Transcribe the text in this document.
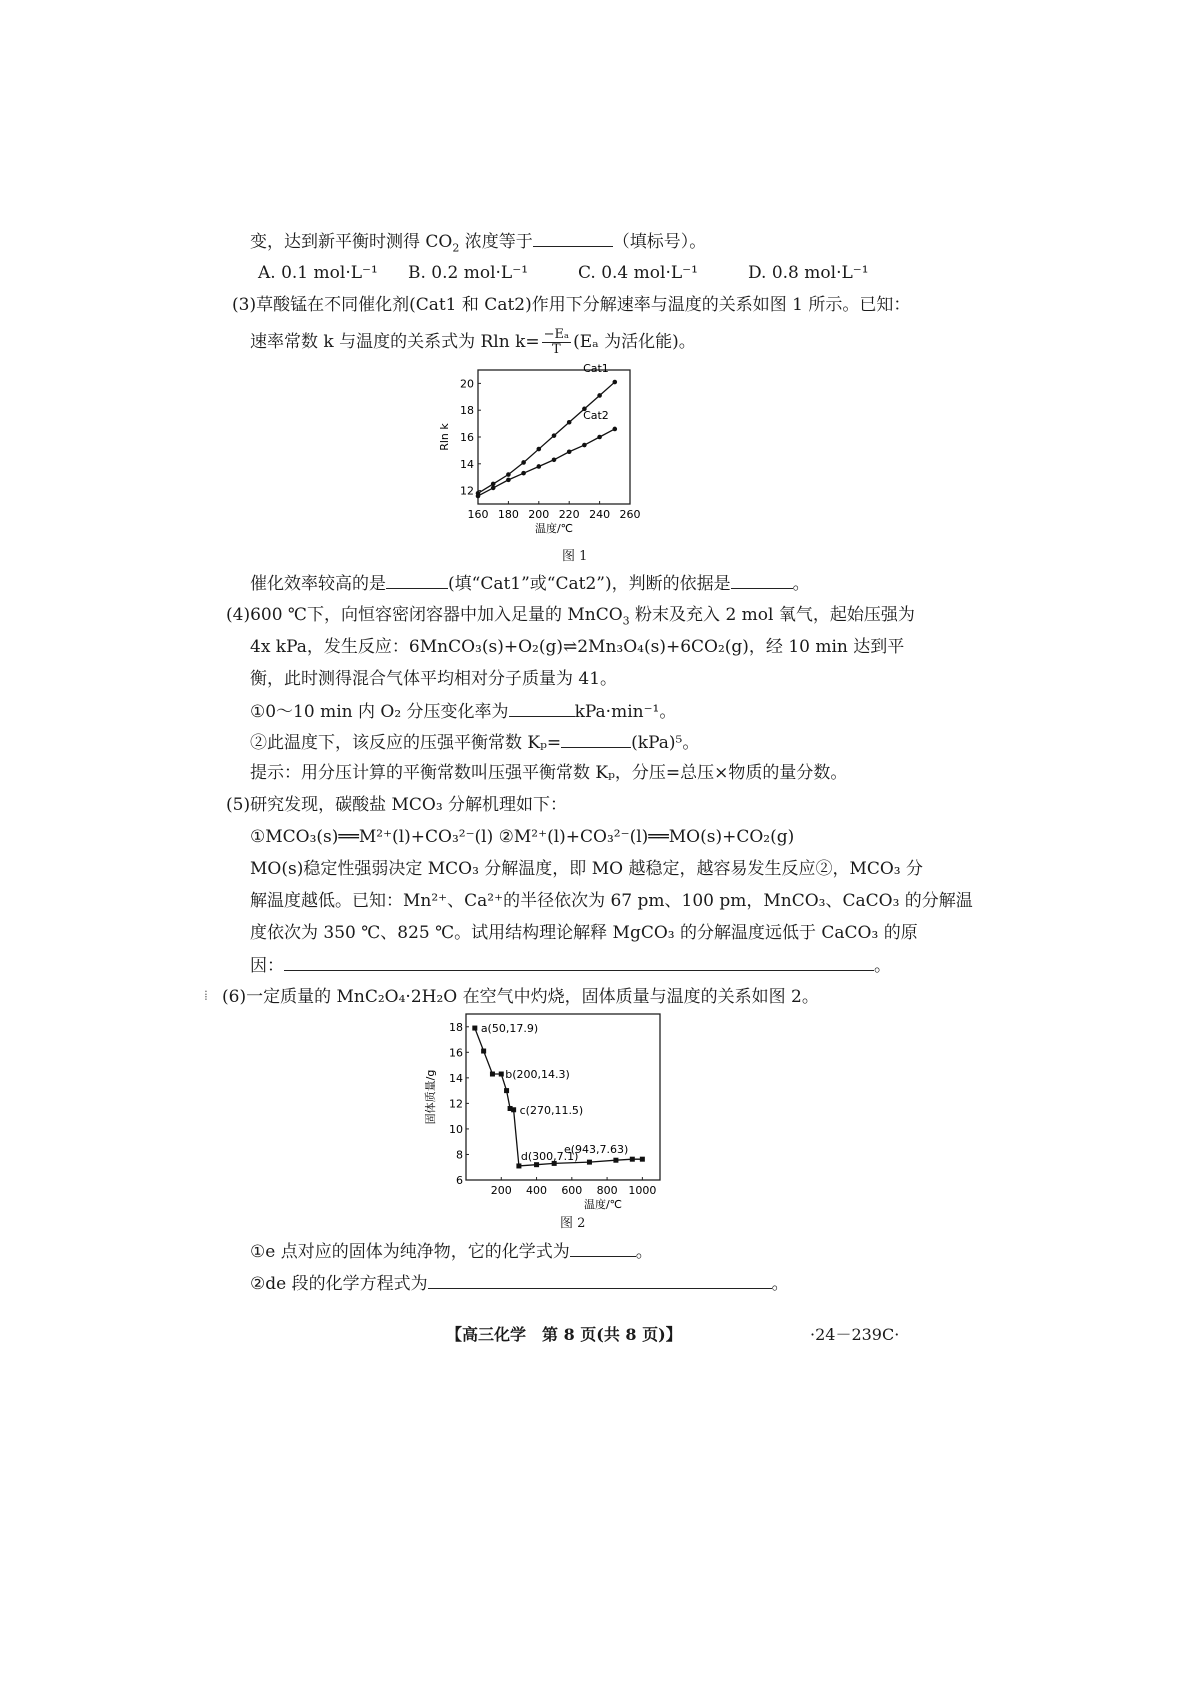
变，达到新平衡时测得 $CO_2$ 浓度等于	（填标号）。
A. 0.1 mol·L⁻¹ B. 0.2 mol·L⁻¹	C. 0.4 mol·L⁻¹	D. 0.8 mol·L⁻¹
(3)草酸锰在不同催化剂(Cat1 和 Cat2)作用下分解速率与温度的关系如图 1 所示。已知：
速率常数 k 与温度的关系式为 Rln $k= \frac{\text{−Eₐ}}{T} (E_a$ 为活化能)。
160 180 200 220 240 260
12
14
16
18
20
温度/℃
Rln k
Cat1
Cat2
图 1
催化效率较高的是	(填“Cat1”或“Cat2”)，判断的依据是	。
(4)600 ℃下，向恒容密闭容器中加入足量的 MnCO$_3$ 粉末及充入 2 mol 氧气，起始压强为
4x kPa，发生反应：6MnCO₃(s)+O₂(g)⇌2Mn₃O₄(s)+6CO₂(g)，经 10 min 达到平
衡，此时测得混合气体平均相对分子质量为 41。
①0～10 min 内 O₂ 分压变化率为	kPa·min⁻¹。
②此温度下，该反应的压强平衡常数 Kₚ=	(kPa)⁵。
提示：用分压计算的平衡常数叫压强平衡常数 Kₚ，分压=总压×物质的量分数。
(5)研究发现，碳酸盐 MCO₃ 分解机理如下：
①MCO₃(s)══M²⁺(l)+CO₃²⁻(l) ②M²⁺(l)+CO₃²⁻(l)══MO(s)+CO₂(g)
MO(s)稳定性强弱决定 MCO₃ 分解温度，即 MO 越稳定，越容易发生反应②，MCO₃ 分
解温度越低。已知：Mn²⁺、Ca²⁺的半径依次为 67 pm、100 pm，MnCO₃、CaCO₃ 的分解温
度依次为 350 ℃、825 ℃。试用结构理论解释 MgCO₃ 的分解温度远低于 CaCO₃ 的原
因：	。
⁞ (6)一定质量的 MnC₂O₄·2H₂O 在空气中灼烧，固体质量与温度的关系如图 2。
200 400 600 800 1000
6
8
10
12
14
16
18
温度/℃
固体质量/g
a(50,17.9)
b(200,14.3)
c(270,11.5)
d(300,7.1)
e(943,7.63)
图 2
①e 点对应的固体为纯净物，它的化学式为	。
②de 段的化学方程式为	。
【高三化学　第 8 页(共 8 页)】	·24－239C·
